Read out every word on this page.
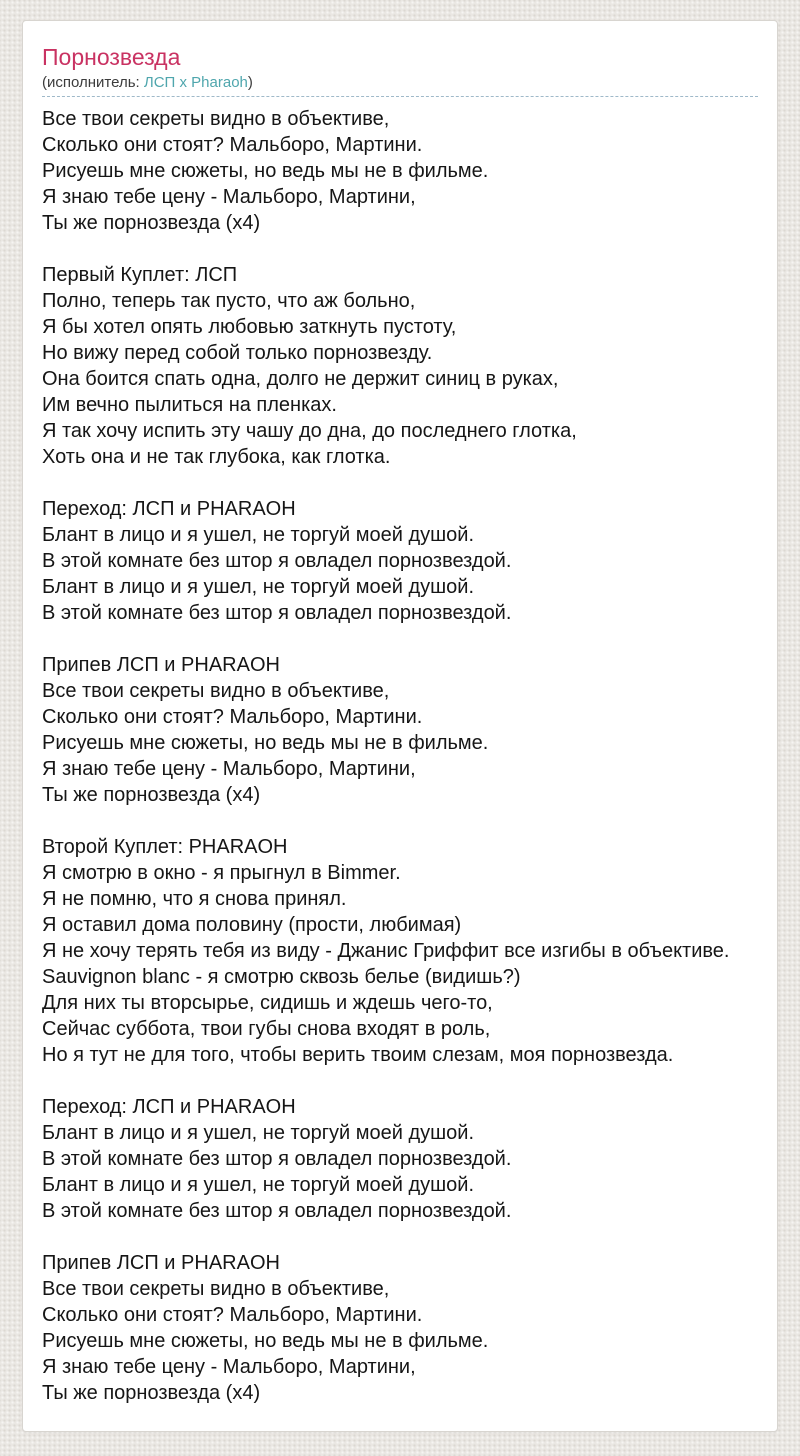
Порнозвезда
(исполнитель: ЛСП x Pharaoh)
Все твои секреты видно в объективе,
Сколько они стоят? Мальборо, Мартини.
Рисуешь мне сюжеты, но ведь мы не в фильме.
Я знаю тебе цену - Мальборо, Мартини,
Ты же порнозвезда (х4)
Первый Куплет: ЛСП
Полно, теперь так пусто, что аж больно,
Я бы хотел опять любовью заткнуть пустоту,
Но вижу перед собой только порнозвезду.
Она боится спать одна, долго не держит синиц в руках,
Им вечно пылиться на пленках.
Я так хочу испить эту чашу до дна, до последнего глотка,
Хоть она и не так глубока, как глотка.
Переход: ЛСП и PHARAOH
Блант в лицо и я ушел, не торгуй моей душой.
В этой комнате без штор я овладел порнозвездой.
Блант в лицо и я ушел, не торгуй моей душой.
В этой комнате без штор я овладел порнозвездой.
Припев ЛСП и PHARAOH
Все твои секреты видно в объективе,
Сколько они стоят? Мальборо, Мартини.
Рисуешь мне сюжеты, но ведь мы не в фильме.
Я знаю тебе цену - Мальборо, Мартини,
Ты же порнозвезда (х4)
Второй Куплет: PHARAOH
Я смотрю в окно - я прыгнул в Bimmer.
Я не помню, что я снова принял.
Я оставил дома половину (прости, любимая)
Я не хочу терять тебя из виду - Джанис Гриффит все изгибы в объективе.
Sauvignon blanc - я смотрю сквозь белье (видишь?)
Для них ты вторсырье, сидишь и ждешь чего-то,
Сейчас суббота, твои губы снова входят в роль,
Но я тут не для того, чтобы верить твоим слезам, моя порнозвезда.
Переход: ЛСП и PHARAOH
Блант в лицо и я ушел, не торгуй моей душой.
В этой комнате без штор я овладел порнозвездой.
Блант в лицо и я ушел, не торгуй моей душой.
В этой комнате без штор я овладел порнозвездой.
Припев ЛСП и PHARAOH
Все твои секреты видно в объективе,
Сколько они стоят? Мальборо, Мартини.
Рисуешь мне сюжеты, но ведь мы не в фильме.
Я знаю тебе цену - Мальборо, Мартини,
Ты же порнозвезда (х4)
